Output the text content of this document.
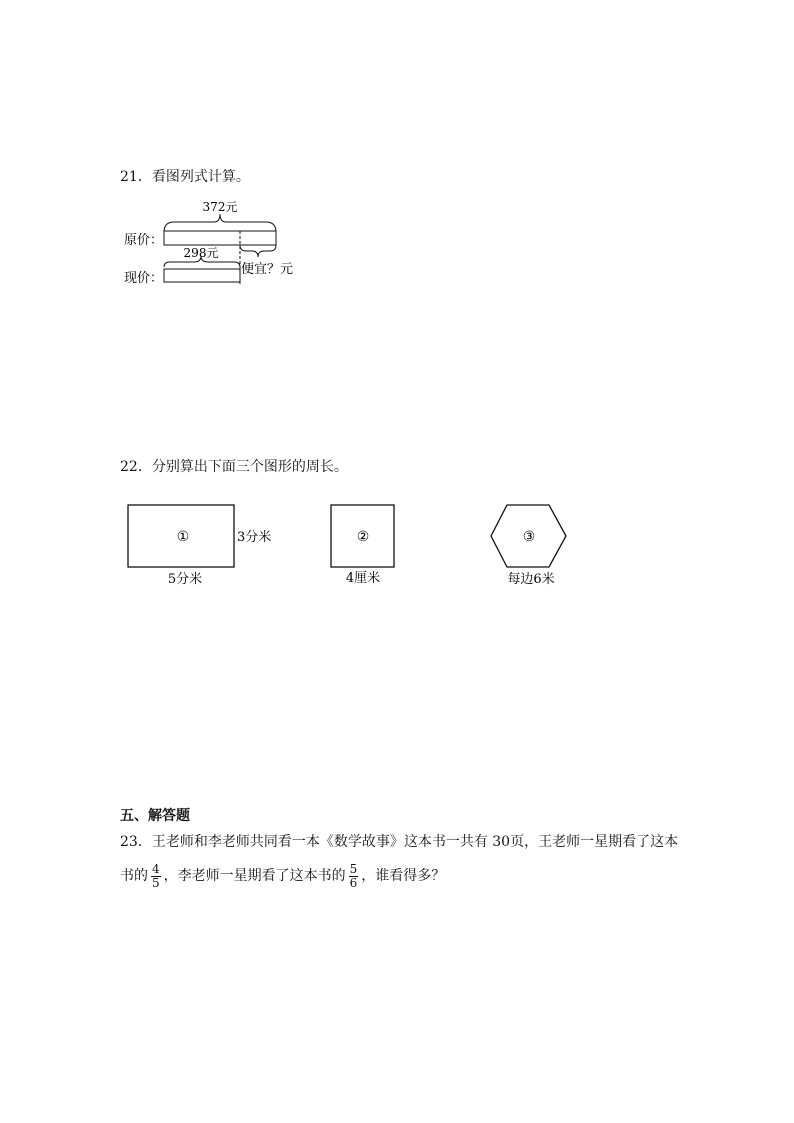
21．看图列式计算。
原价：
372元
便宜？元
298元
现价：
22．分别算出下面三个图形的周长。
①	3分米
5分米
②
4厘米
③
每边6米
五、解答题
23．王老师和李老师共同看一本《数学故事》这本书一共有 30页，王老师一星期看了这本
书的 $\frac{4}{5}$ ，李老师一星期看了这本书的 $\frac{5}{6}$ ，谁看得多？
